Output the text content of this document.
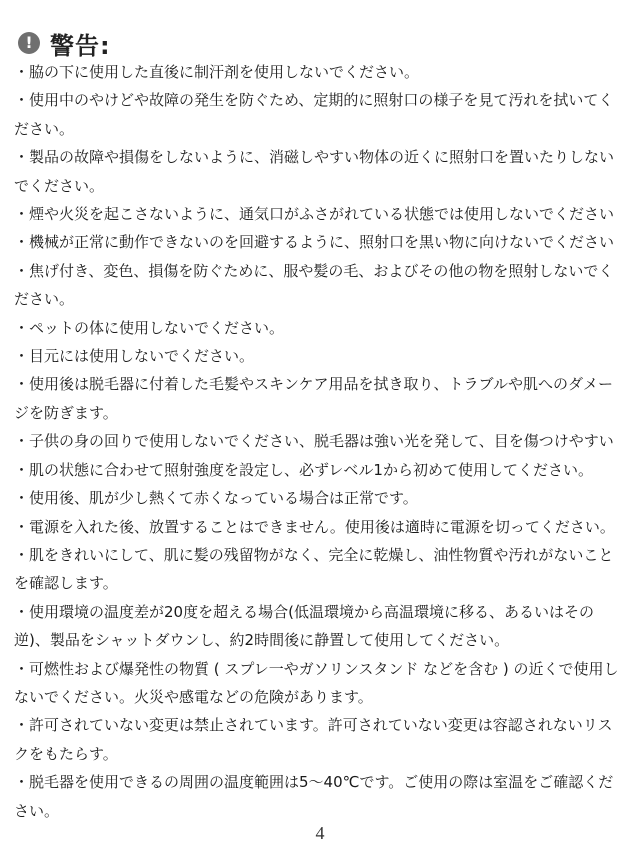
! 警告:
・脇の下に使用した直後に制汗剤を使用しないでください。
・使用中のやけどや故障の発生を防ぐため、定期的に照射口の様子を見て汚れを拭いてください。
・製品の故障や損傷をしないように、消磁しやすい物体の近くに照射口を置いたりしないでください。
・煙や火災を起こさないように、通気口がふさがれている状態では使用しないでください
・機械が正常に動作できないのを回避するように、照射口を黒い物に向けないでください
・焦げ付き、変色、損傷を防ぐために、服や髪の毛、およびその他の物を照射しないでください。
・ペットの体に使用しないでください。
・目元には使用しないでください。
・使用後は脱毛器に付着した毛髪やスキンケア用品を拭き取り、トラブルや肌へのダメージを防ぎます。
・子供の身の回りで使用しないでください、脱毛器は強い光を発して、目を傷つけやすい
・肌の状態に合わせて照射強度を設定し、必ずレベル1から初めて使用してください。
・使用後、肌が少し熱くて赤くなっている場合は正常です。
・電源を入れた後、放置することはできません。使用後は適時に電源を切ってください。
・肌をきれいにして、肌に髪の残留物がなく、完全に乾燥し、油性物質や汚れがないことを確認します。
・使用環境の温度差が20度を超える場合(低温環境から高温環境に移る、あるいはその逆)、製品をシャットダウンし、約2時間後に静置して使用してください。
・可燃性および爆発性の物質 ( スプレ一やガソリンスタンド などを含む ) の近くで使用しないでください。火災や感電などの危険があります。
・許可されていない変更は禁止されています。許可されていない変更は容認されないリスクをもたらす。
・脱毛器を使用できるの周囲の温度範囲は5～40℃です。ご使用の際は室温をご確認ください。
4
